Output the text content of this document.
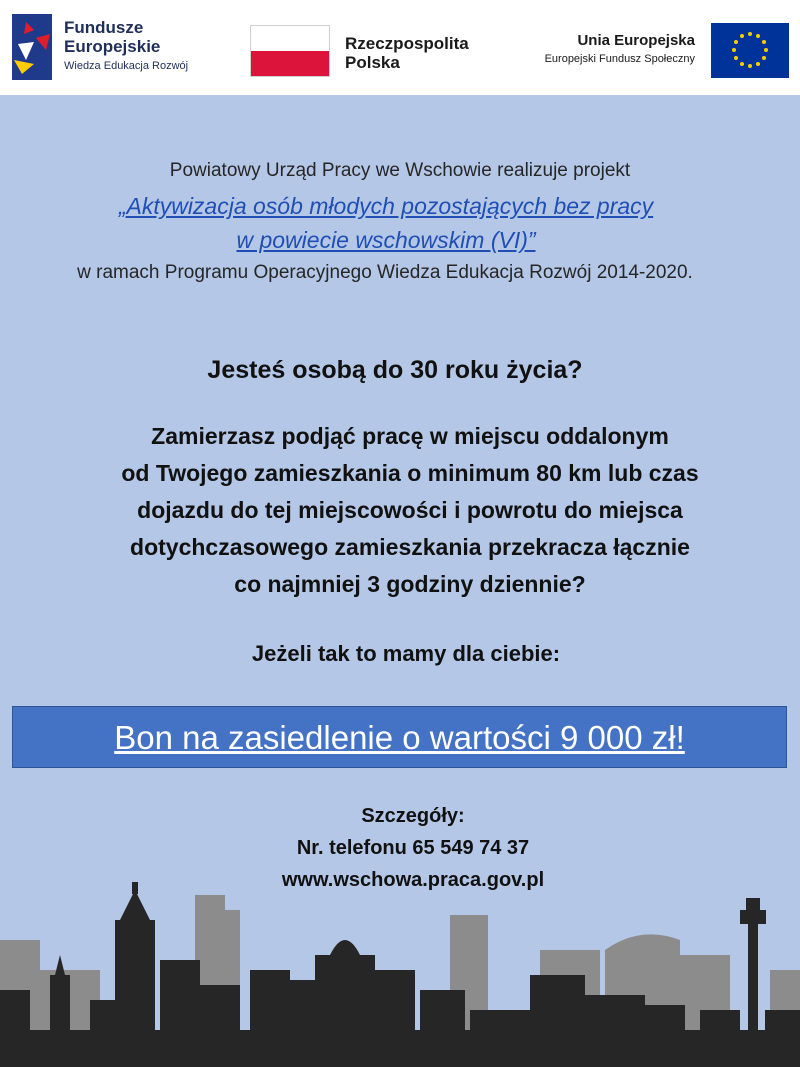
Fundusze
Europejskie
Wiedza Edukacja Rozwój
Rzeczpospolita
Polska
Unia Europejska
Europejski Fundusz Społeczny
Powiatowy Urząd Pracy we Wschowie realizuje projekt
„Aktywizacja osób młodych pozostających bez pracy
w powiecie wschowskim (VI)”
w ramach Programu Operacyjnego Wiedza Edukacja Rozwój 2014-2020.
Jesteś osobą do 30 roku życia?
Zamierzasz podjąć pracę w miejscu oddalonym
od Twojego zamieszkania o minimum 80 km lub czas
dojazdu do tej miejscowości i powrotu do miejsca
dotychczasowego zamieszkania przekracza łącznie
co najmniej 3 godziny dziennie?
Jeżeli tak to mamy dla ciebie:
Bon na zasiedlenie o wartości 9 000 zł!
Szczegóły:
Nr. telefonu 65 549 74 37
www.wschowa.praca.gov.pl
